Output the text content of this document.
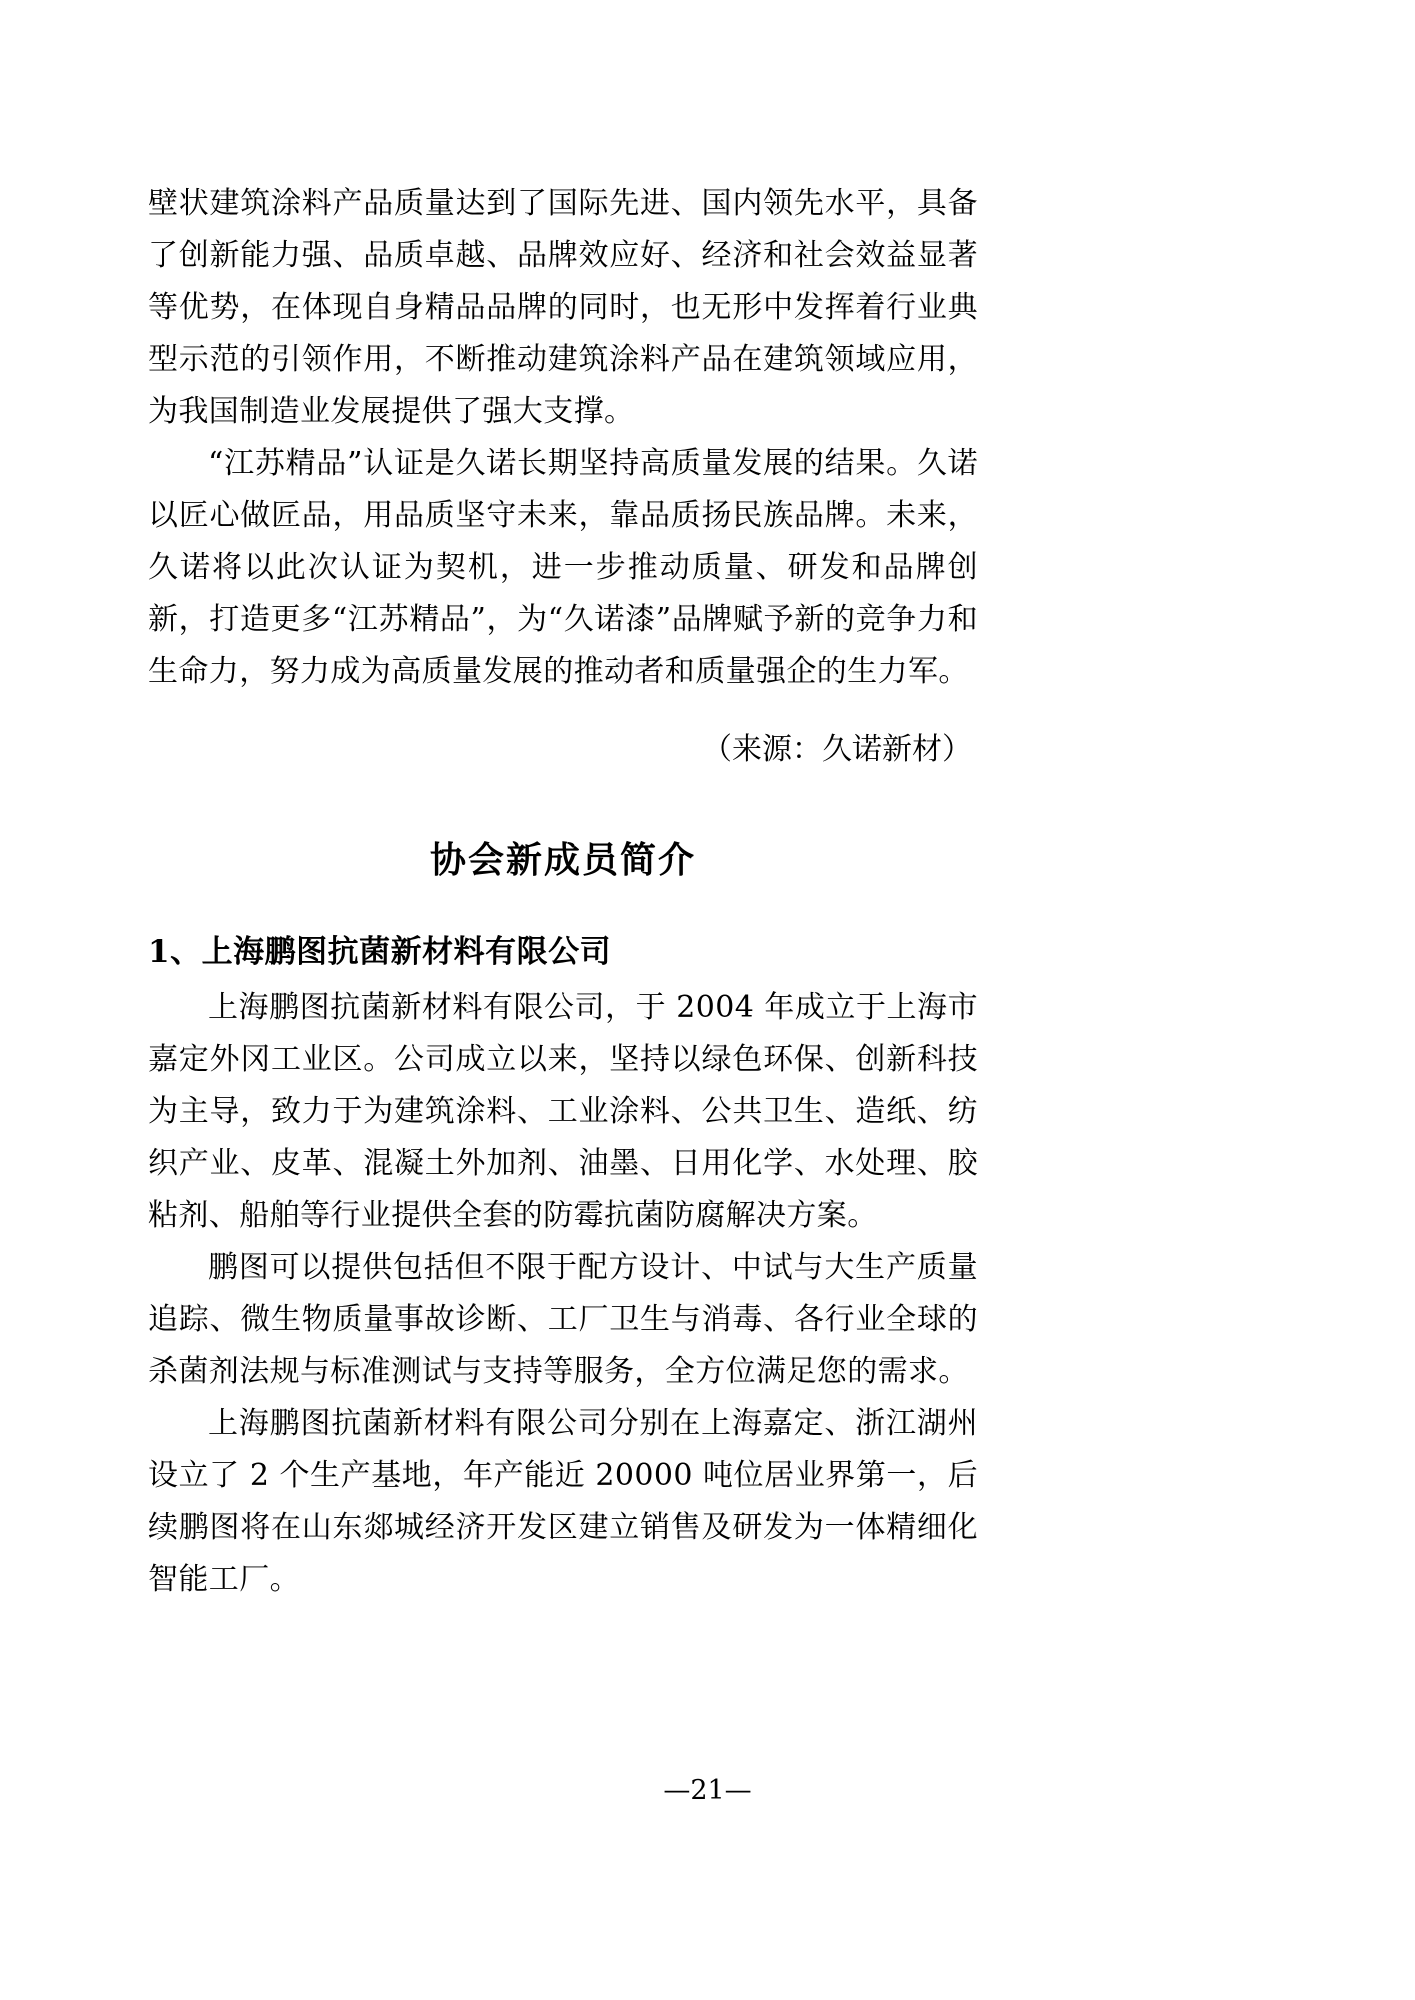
壁状建筑涂料产品质量达到了国际先进、国内领先水平，具备了创新能力强、品质卓越、品牌效应好、经济和社会效益显著等优势，在体现自身精品品牌的同时，也无形中发挥着行业典型示范的引领作用，不断推动建筑涂料产品在建筑领域应用，为我国制造业发展提供了强大支撑。

“江苏精品”认证是久诺长期坚持高质量发展的结果。久诺以匠心做匠品，用品质坚守未来，靠品质扬民族品牌。未来，久诺将以此次认证为契机，进一步推动质量、研发和品牌创新，打造更多“江苏精品”，为“久诺漆”品牌赋予新的竞争力和生命力，努力成为高质量发展的推动者和质量强企的生力军。

（来源：久诺新材）

协会新成员简介
1、上海鹏图抗菌新材料有限公司

上海鹏图抗菌新材料有限公司，于 2004 年成立于上海市嘉定外冈工业区。公司成立以来，坚持以绿色环保、创新科技为主导，致力于为建筑涂料、工业涂料、公共卫生、造纸、纺织产业、皮革、混凝土外加剂、油墨、日用化学、水处理、胶粘剂、船舶等行业提供全套的防霉抗菌防腐解决方案。

鹏图可以提供包括但不限于配方设计、中试与大生产质量追踪、微生物质量事故诊断、工厂卫生与消毒、各行业全球的杀菌剂法规与标准测试与支持等服务，全方位满足您的需求。

上海鹏图抗菌新材料有限公司分别在上海嘉定、浙江湖州设立了 2 个生产基地，年产能近 20000 吨位居业界第一，后续鹏图将在山东郯城经济开发区建立销售及研发为一体精细化智能工厂。

—21—
